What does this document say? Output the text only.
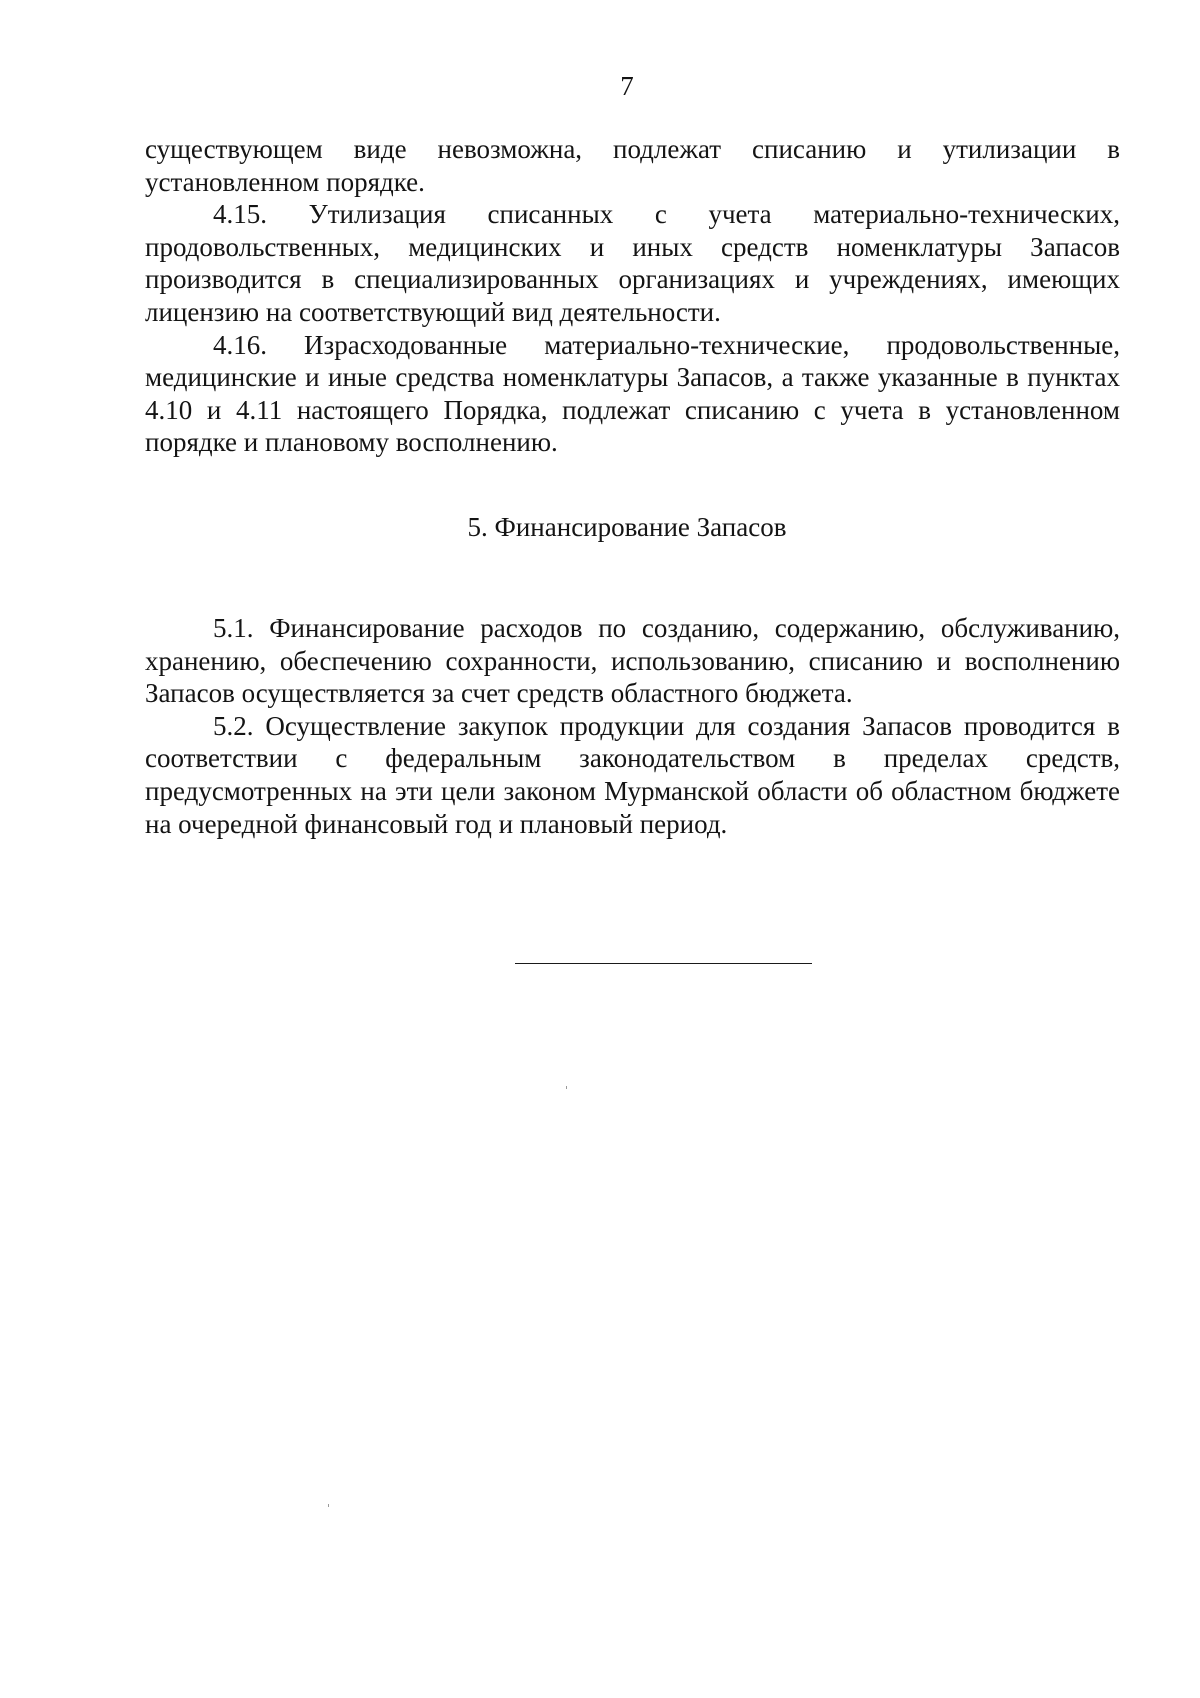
7

существующем виде невозможна, подлежат списанию и утилизации в установленном порядке.

4.15. Утилизация списанных с учета материально-технических, продовольственных, медицинских и иных средств номенклатуры Запасов производится в специализированных организациях и учреждениях, имеющих лицензию на соответствующий вид деятельности.

4.16. Израсходованные материально-технические, продовольственные, медицинские и иные средства номенклатуры Запасов, а также указанные в пунктах 4.10 и 4.11 настоящего Порядка, подлежат списанию с учета в установленном порядке и плановому восполнению.

5. Финансирование Запасов

5.1. Финансирование расходов по созданию, содержанию, обслуживанию, хранению, обеспечению сохранности, использованию, списанию и восполнению Запасов осуществляется за счет средств областного бюджета.

5.2. Осуществление закупок продукции для создания Запасов проводится в соответствии с федеральным законодательством в пределах средств, предусмотренных на эти цели законом Мурманской области об областном бюджете на очередной финансовый год и плановый период.
